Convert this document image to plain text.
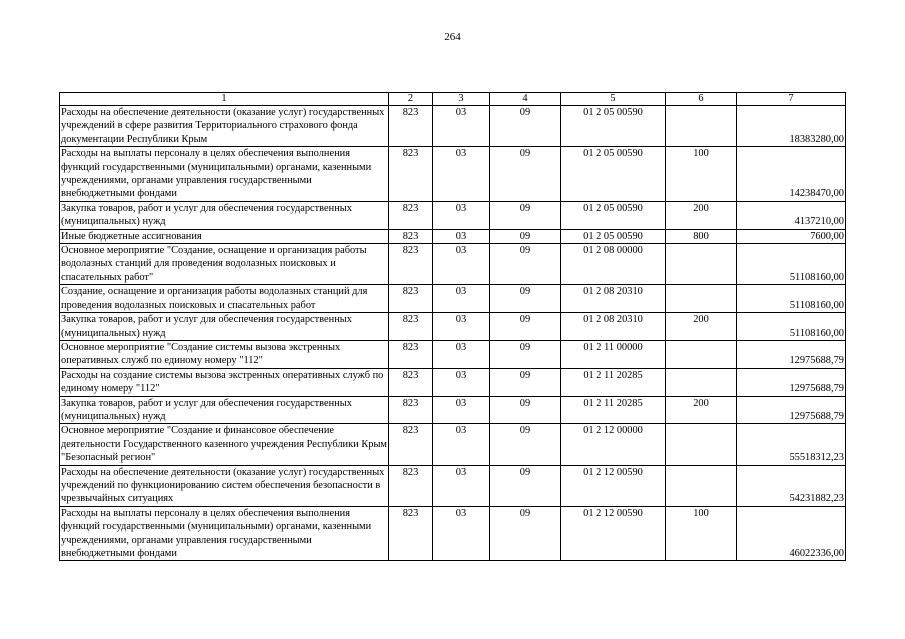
264
1	2	3	4	5	6	7
Расходы на обеспечение деятельности (оказание услуг) государственных учреждений в сфере развития Территориального страхового фонда документации Республики Крым	823	03	09	01 2 05 00590		18383280,00
Расходы на выплаты персоналу в целях обеспечения выполнения функций государственными (муниципальными) органами, казенными учреждениями, органами управления государственными внебюджетными фондами	823	03	09	01 2 05 00590	100	14238470,00
Закупка товаров, работ и услуг для обеспечения государственных (муниципальных) нужд	823	03	09	01 2 05 00590	200	4137210,00
Иные бюджетные ассигнования	823	03	09	01 2 05 00590	800	7600,00
Основное мероприятие "Создание, оснащение и организация работы водолазных станций для проведения водолазных поисковых и спасательных работ"	823	03	09	01 2 08 00000		51108160,00
Создание, оснащение и организация работы водолазных станций для проведения водолазных поисковых и спасательных работ	823	03	09	01 2 08 20310		51108160,00
Закупка товаров, работ и услуг для обеспечения государственных (муниципальных) нужд	823	03	09	01 2 08 20310	200	51108160,00
Основное мероприятие "Создание системы вызова экстренных оперативных служб по единому номеру "112"	823	03	09	01 2 11 00000		12975688,79
Расходы на создание системы вызова экстренных оперативных служб по единому номеру "112"	823	03	09	01 2 11 20285		12975688,79
Закупка товаров, работ и услуг для обеспечения государственных (муниципальных) нужд	823	03	09	01 2 11 20285	200	12975688,79
Основное мероприятие "Создание и финансовое обеспечение деятельности Государственного казенного учреждения Республики Крым "Безопасный регион"	823	03	09	01 2 12 00000		55518312,23
Расходы на обеспечение деятельности (оказание услуг) государственных учреждений по функционированию систем обеспечения безопасности в чрезвычайных ситуациях	823	03	09	01 2 12 00590		54231882,23
Расходы на выплаты персоналу в целях обеспечения выполнения функций государственными (муниципальными) органами, казенными учреждениями, органами управления государственными внебюджетными фондами	823	03	09	01 2 12 00590	100	46022336,00
